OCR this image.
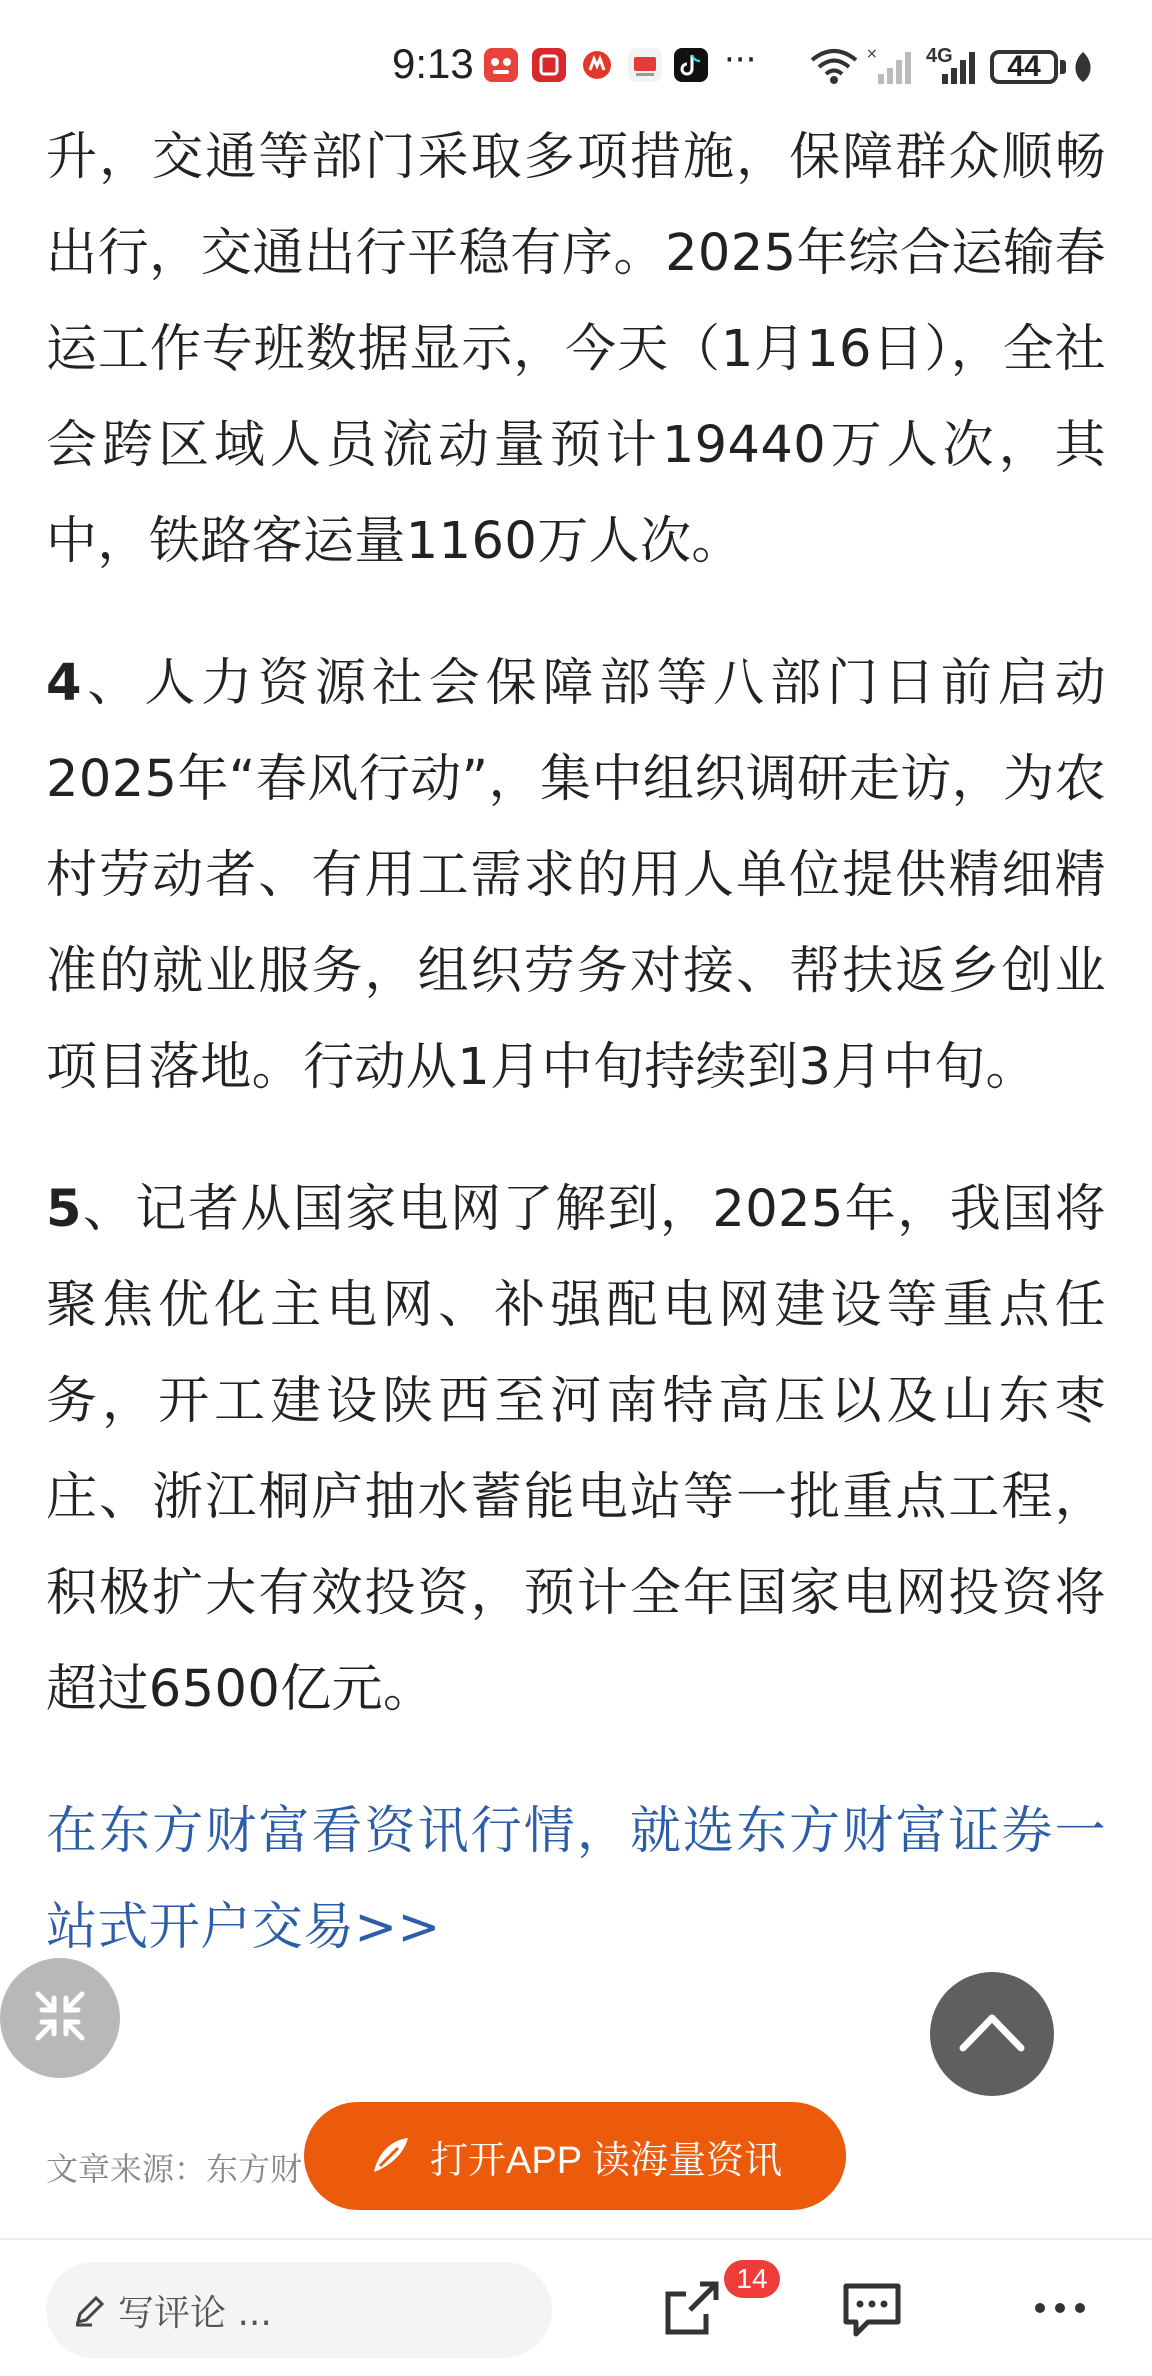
9:13	···	× 4G	44

升，交通等部门采取多项措施，保障群众顺畅出行，交通出行平稳有序。2025年综合运输春运工作专班数据显示，今天（1月16日），全社会跨区域人员流动量预计19440万人次，其中，铁路客运量1160万人次。

4、人力资源社会保障部等八部门日前启动2025年“春风行动”，集中组织调研走访，为农村劳动者、有用工需求的用人单位提供精细精准的就业服务，组织劳务对接、帮扶返乡创业项目落地。行动从1月中旬持续到3月中旬。

5、记者从国家电网了解到，2025年，我国将聚焦优化主电网、补强配电网建设等重点任务，开工建设陕西至河南特高压以及山东枣庄、浙江桐庐抽水蓄能电站等一批重点工程，积极扩大有效投资，预计全年国家电网投资将超过6500亿元。

在东方财富看资讯行情，就选东方财富证券一站式开户交易>>
文章来源：东方财	打开APP 读海量资讯
写评论 ...
14
